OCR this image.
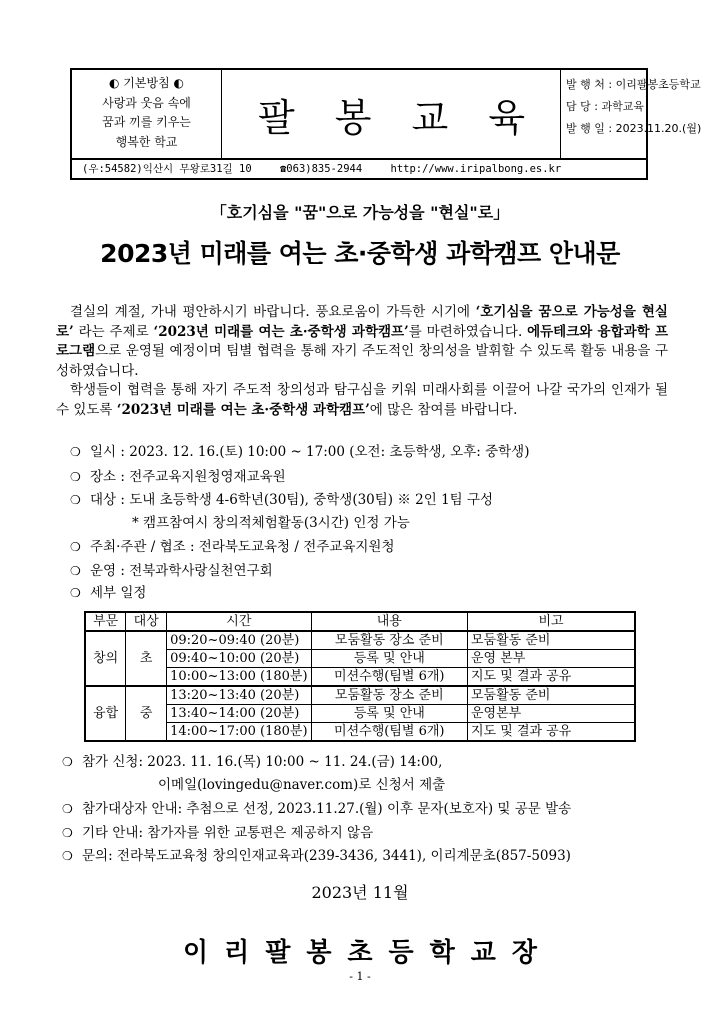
◐ 기본방침 ◐
사랑과 웃음 속에
꿈과 끼를 키우는
행복한 학교
팔 봉 교 육
발 행 처 : 이리팔봉초등학교
담 당 : 과학교육
발 행 일 : 2023.11.20.(월)
(우:54582)익산시 무왕로31길 10	☎063)835-2944	http://www.iripalbong.es.kr
「호기심을 "꿈"으로 가능성을 "현실"로」
2023년 미래를 여는 초·중학생 과학캠프 안내문

결실의 계절, 가내 평안하시기 바랍니다. 풍요로움이 가득한 시기에 ‘호기심을 꿈으로 가능성을 현실로’ 라는 주제로 ‘2023년 미래를 여는 초·중학생 과학캠프’를 마련하였습니다. 에듀테크와 융합과학 프로그램으로 운영될 예정이며 팀별 협력을 통해 자기 주도적인 창의성을 발휘할 수 있도록 활동 내용을 구성하였습니다.

학생들이 협력을 통해 자기 주도적 창의성과 탐구심을 키워 미래사회를 이끌어 나갈 국가의 인재가 될 수 있도록 ‘2023년 미래를 여는 초·중학생 과학캠프’에 많은 참여를 바랍니다.

❍ 일시 : 2023. 12. 16.(토) 10:00 ~ 17:00 (오전: 초등학생, 오후: 중학생)
❍ 장소 : 전주교육지원청영재교육원
❍ 대상 : 도내 초등학생 4-6학년(30팀), 중학생(30팀) ※ 2인 1팀 구성
* 캠프참여시 창의적체험활동(3시간) 인정 가능
❍ 주최·주관 / 협조 : 전라북도교육청 / 전주교육지원청
❍ 운영 : 전북과학사랑실천연구회
❍ 세부 일정
부문	대상	시간	내용	비고
창의	초	09:20~09:40 (20분)	모둠활동 장소 준비	모둠활동 준비
		09:40~10:00 (20분)	등록 및 안내	운영 본부
		10:00~13:00 (180분)	미션수행(팀별 6개)	지도 및 결과 공유
융합	중	13:20~13:40 (20분)	모둠활동 장소 준비	모둠활동 준비
		13:40~14:00 (20분)	등록 및 안내	운영본부
		14:00~17:00 (180분)	미션수행(팀별 6개)	지도 및 결과 공유
❍ 참가 신청: 2023. 11. 16.(목) 10:00 ~ 11. 24.(금) 14:00,
이메일(lovingedu@naver.com)로 신청서 제출
❍ 참가대상자 안내: 추첨으로 선정, 2023.11.27.(월) 이후 문자(보호자) 및 공문 발송
❍ 기타 안내: 참가자를 위한 교통편은 제공하지 않음
❍ 문의: 전라북도교육청 창의인재교육과(239-3436, 3441), 이리계문초(857-5093)
2023년 11월
이리팔봉초등학교장
- 1 -
